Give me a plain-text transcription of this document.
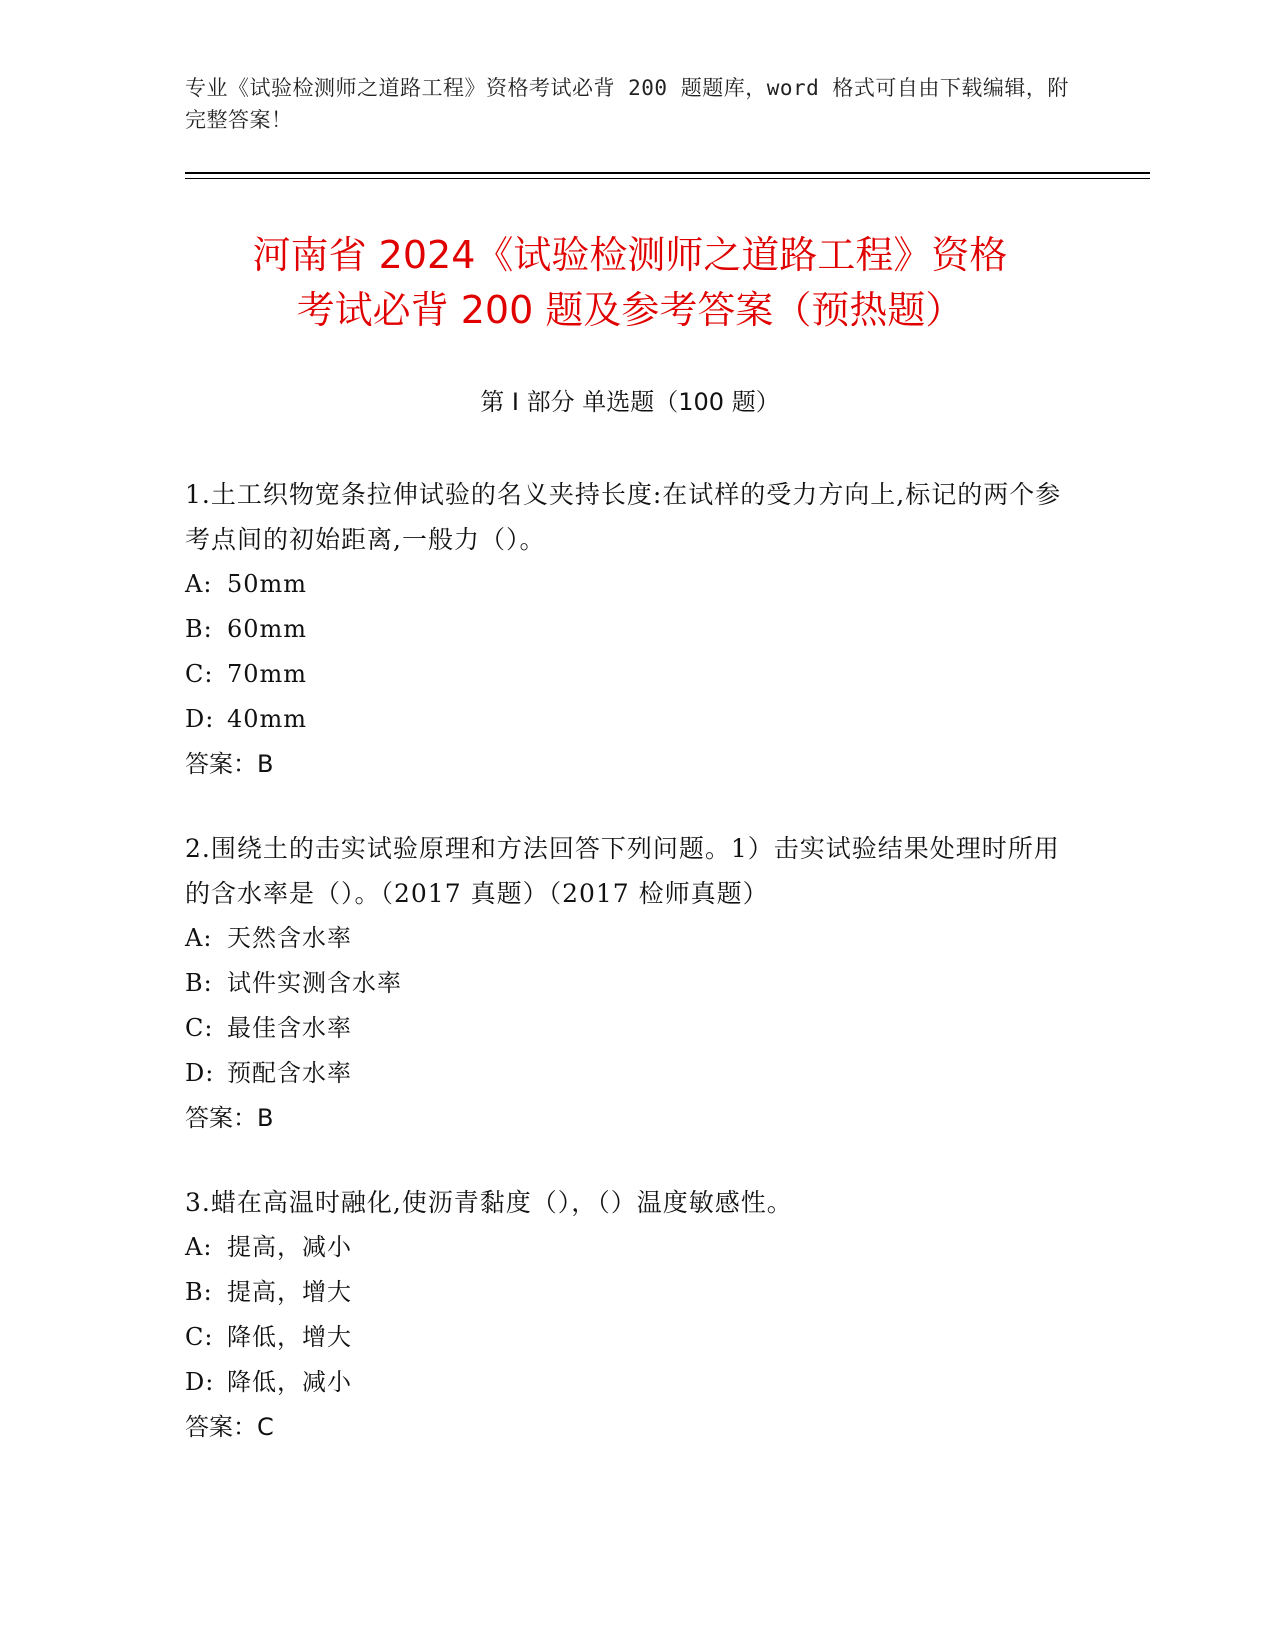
专业《试验检测师之道路工程》资格考试必背 200 题题库，word 格式可自由下载编辑，附完整答案！
河南省 2024《试验检测师之道路工程》资格
考试必背 200 题及参考答案（预热题）
第 I 部分 单选题（100 题）
1.土工织物宽条拉伸试验的名义夹持长度:在试样的受力方向上,标记的两个参考点间的初始距离,一般力（）。
A: 50mm
B: 60mm
C: 70mm
D: 40mm
答案：B
2.围绕土的击实试验原理和方法回答下列问题。1）击实试验结果处理时所用的含水率是（）。（2017 真题）（2017 检师真题）
A: 天然含水率
B: 试件实测含水率
C: 最佳含水率
D: 预配含水率
答案：B
3.蜡在高温时融化,使沥青黏度（），（）温度敏感性。
A: 提高，减小
B: 提高，增大
C: 降低，增大
D: 降低，减小
答案：C
